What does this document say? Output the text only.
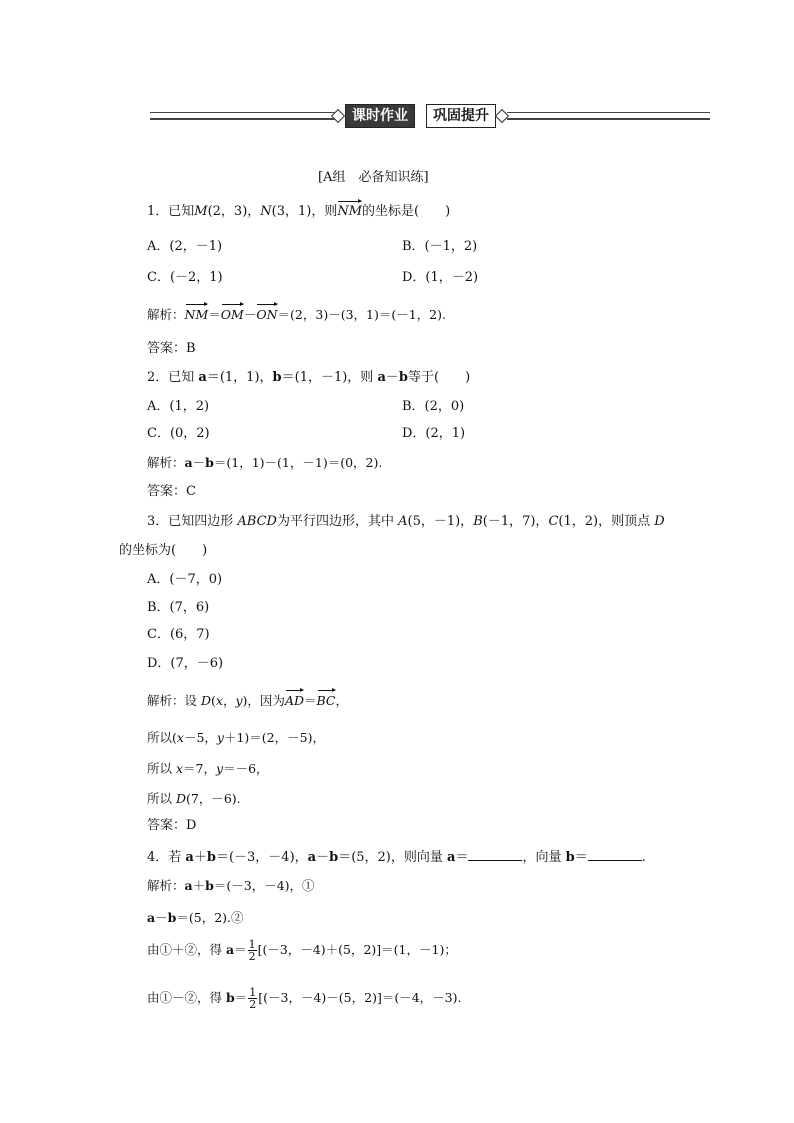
课时作业	巩固提升
[A组　必备知识练]
1．已知M(2，3)，N(3，1)，则NM的坐标是(　　)
A．(2，－1)	B．(－1，2)
C．(－2，1)	D．(1，－2)
解析：NM＝OM－ON＝(2，3)－(3，1)＝(－1，2).
答案：B
2．已知 a＝(1，1)，b＝(1，－1)，则 a－b等于(　　)
A．(1，2)	B．(2，0)
C．(0，2)	D．(2，1)
解析：a－b＝(1，1)－(1，－1)＝(0，2).
答案：C
3．已知四边形 ABCD为平行四边形，其中 A(5，－1)，B(－1，7)，C(1，2)，则顶点 D
的坐标为(　　)
A．(－7，0)
B．(7，6)
C．(6，7)
D．(7，－6)
解析：设 D(x，y)，因为AD＝BC，
所以(x－5，y＋1)＝(2，－5)，
所以 x＝7，y＝－6，
所以 D(7，－6).
答案：D
4．若 a＋b＝(－3，－4)，a－b＝(5，2)，则向量 a＝	，向量 b＝	.
解析：a＋b＝(－3，－4)，①
a－b＝(5，2).②
由①＋②，得 $a= \frac{1}{2} [(-3$，－4)＋(5，2)]＝(1，－1)；
由①－②，得 $b= \frac{1}{2} [(-3$，－4)－(5，2)]＝(－4，－3).
